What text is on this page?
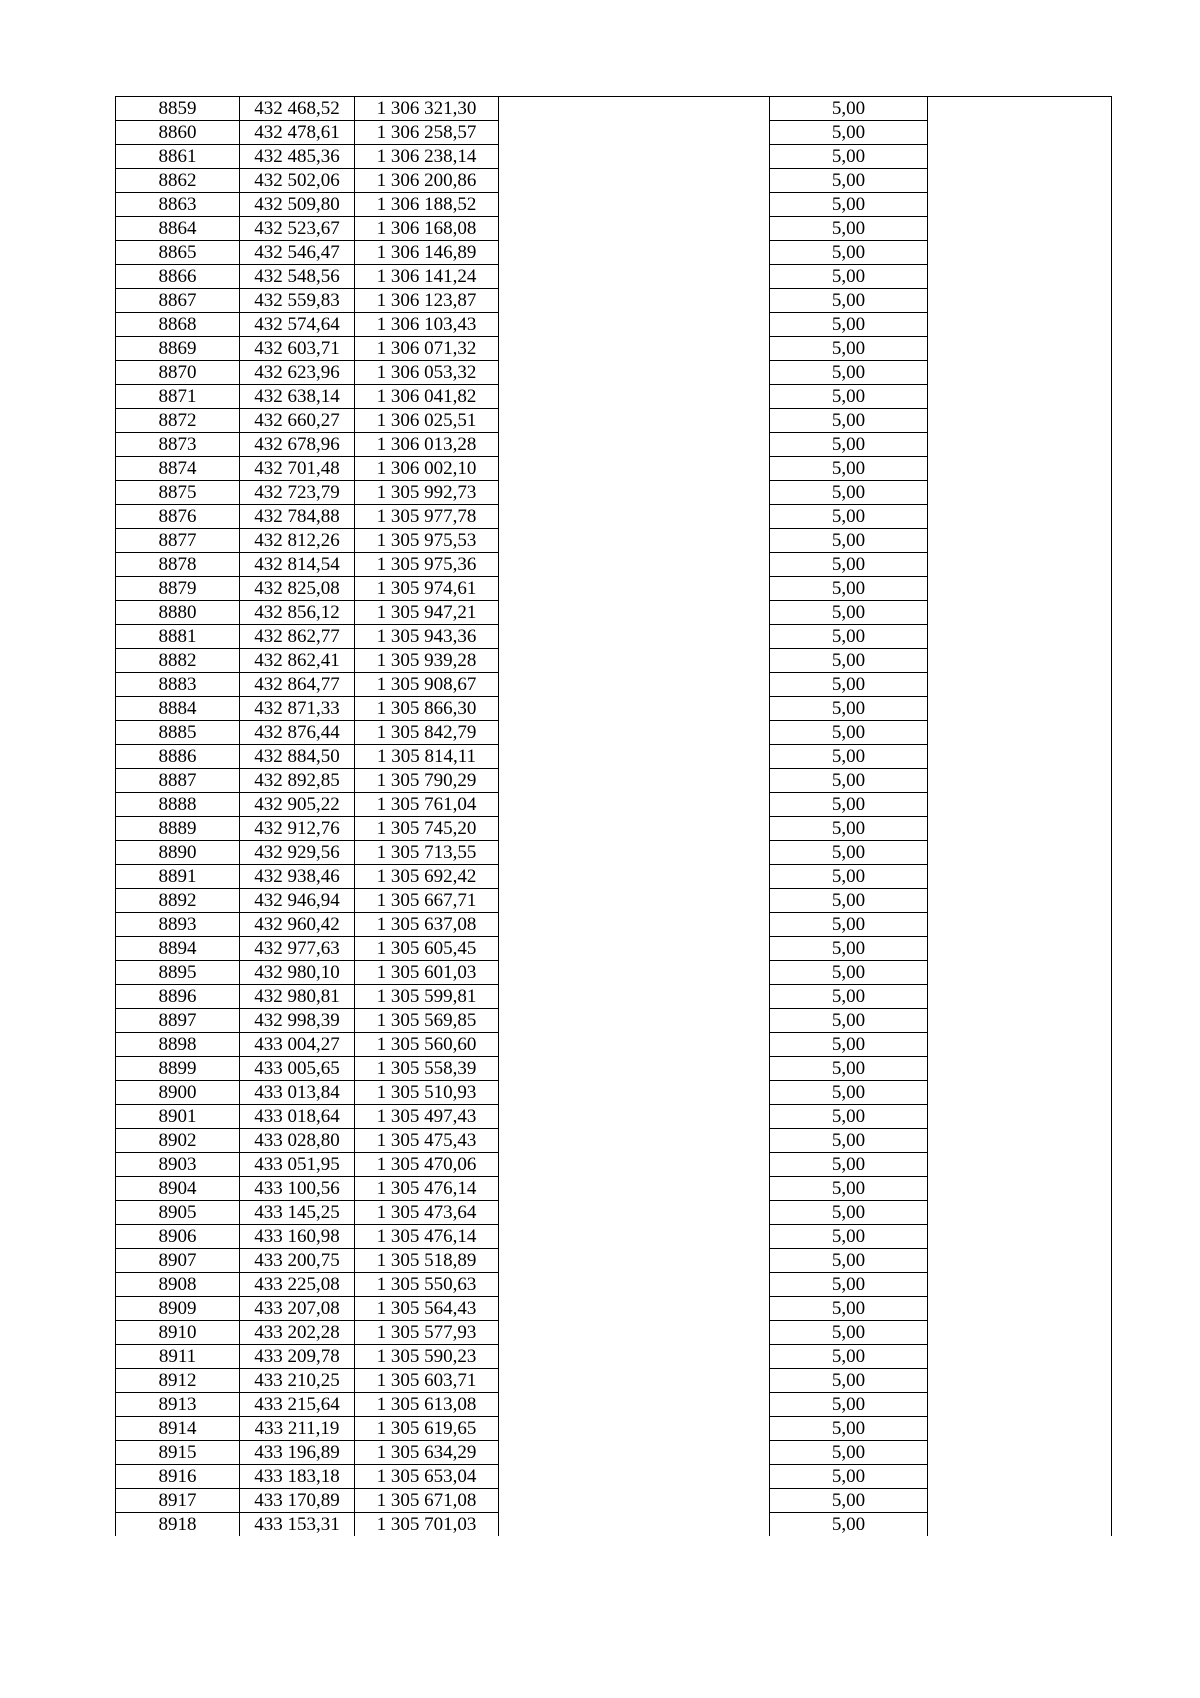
8859	432 468,52	1 306 321,30		5,00	
8860	432 478,61	1 306 258,57		5,00	
8861	432 485,36	1 306 238,14		5,00	
8862	432 502,06	1 306 200,86		5,00	
8863	432 509,80	1 306 188,52		5,00	
8864	432 523,67	1 306 168,08		5,00	
8865	432 546,47	1 306 146,89		5,00	
8866	432 548,56	1 306 141,24		5,00	
8867	432 559,83	1 306 123,87		5,00	
8868	432 574,64	1 306 103,43		5,00	
8869	432 603,71	1 306 071,32		5,00	
8870	432 623,96	1 306 053,32		5,00	
8871	432 638,14	1 306 041,82		5,00	
8872	432 660,27	1 306 025,51		5,00	
8873	432 678,96	1 306 013,28		5,00	
8874	432 701,48	1 306 002,10		5,00	
8875	432 723,79	1 305 992,73		5,00	
8876	432 784,88	1 305 977,78		5,00	
8877	432 812,26	1 305 975,53		5,00	
8878	432 814,54	1 305 975,36		5,00	
8879	432 825,08	1 305 974,61		5,00	
8880	432 856,12	1 305 947,21		5,00	
8881	432 862,77	1 305 943,36		5,00	
8882	432 862,41	1 305 939,28		5,00	
8883	432 864,77	1 305 908,67		5,00	
8884	432 871,33	1 305 866,30		5,00	
8885	432 876,44	1 305 842,79		5,00	
8886	432 884,50	1 305 814,11		5,00	
8887	432 892,85	1 305 790,29		5,00	
8888	432 905,22	1 305 761,04		5,00	
8889	432 912,76	1 305 745,20		5,00	
8890	432 929,56	1 305 713,55		5,00	
8891	432 938,46	1 305 692,42		5,00	
8892	432 946,94	1 305 667,71		5,00	
8893	432 960,42	1 305 637,08		5,00	
8894	432 977,63	1 305 605,45		5,00	
8895	432 980,10	1 305 601,03		5,00	
8896	432 980,81	1 305 599,81		5,00	
8897	432 998,39	1 305 569,85		5,00	
8898	433 004,27	1 305 560,60		5,00	
8899	433 005,65	1 305 558,39		5,00	
8900	433 013,84	1 305 510,93		5,00	
8901	433 018,64	1 305 497,43		5,00	
8902	433 028,80	1 305 475,43		5,00	
8903	433 051,95	1 305 470,06		5,00	
8904	433 100,56	1 305 476,14		5,00	
8905	433 145,25	1 305 473,64		5,00	
8906	433 160,98	1 305 476,14		5,00	
8907	433 200,75	1 305 518,89		5,00	
8908	433 225,08	1 305 550,63		5,00	
8909	433 207,08	1 305 564,43		5,00	
8910	433 202,28	1 305 577,93		5,00	
8911	433 209,78	1 305 590,23		5,00	
8912	433 210,25	1 305 603,71		5,00	
8913	433 215,64	1 305 613,08		5,00	
8914	433 211,19	1 305 619,65		5,00	
8915	433 196,89	1 305 634,29		5,00	
8916	433 183,18	1 305 653,04		5,00	
8917	433 170,89	1 305 671,08		5,00	
8918	433 153,31	1 305 701,03		5,00	
